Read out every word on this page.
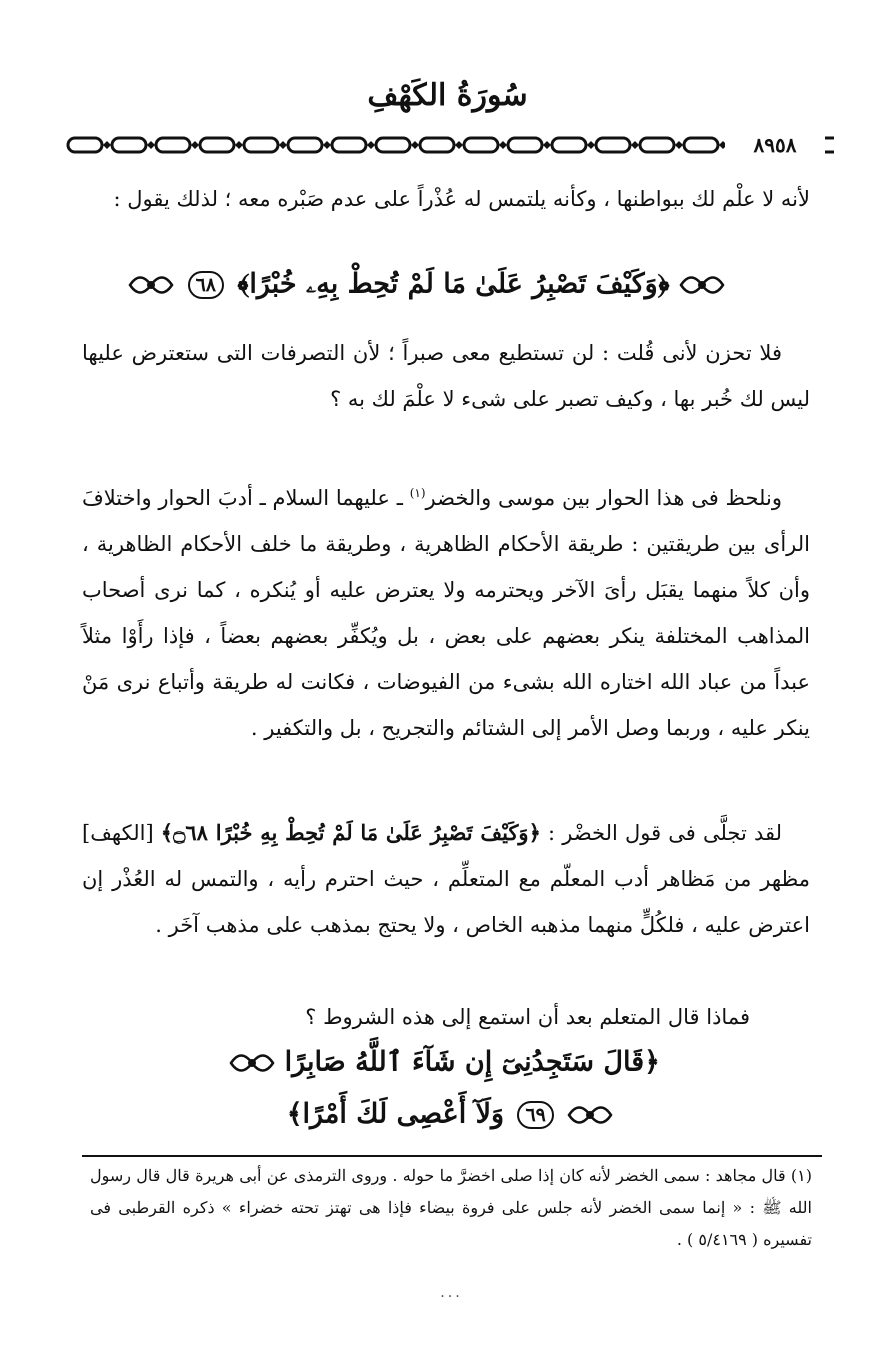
سُورَةُ الكَهْفِ
٨٩٥٨

لأنه لا علْم لك ببواطنها ، وكأنه يلتمس له عُذْراً على عدم صَبْره معه ؛ لذلك يقول :

﴿وَكَيْفَ تَصْبِرُ عَلَىٰ مَا لَمْ تُحِطْ بِهِۦ خُبْرًا﴾ ٦٨

فلا تحزن لأنى قُلت : لن تستطيع معى صبراً ؛ لأن التصرفات التى ستعترض عليها ليس لك خُبر بها ، وكيف تصبر على شىء لا علْمَ لك به ؟

ونلحظ فى هذا الحوار بين موسى والخضر$^{(١)}$ ـ عليهما السلام ـ أدبَ الحوار واختلافَ الرأى بين طريقتين : طريقة الأحكام الظاهرية ، وطريقة ما خلف الأحكام الظاهرية ، وأن كلاً منهما يقبَل رأىَ الآخر ويحترمه ولا يعترض عليه أو يُنكره ، كما نرى أصحاب المذاهب المختلفة ينكر بعضهم على بعض ، بل ويُكفِّر بعضهم بعضاً ، فإذا رأَوْا مثلاً عبداً من عباد الله اختاره الله بشىء من الفيوضات ، فكانت له طريقة وأتباع نرى مَنْ ينكر عليه ، وربما وصل الأمر إلى الشتائم والتجريح ، بل والتكفير .

لقد تجلَّى فى قول الخضْر : ﴿وَكَيْفَ تَصْبِرُ عَلَىٰ مَا لَمْ تُحِطْ بِهِ خُبْرًا ۝٦٨﴾ [الكهف] مظهر من مَظاهر أدب المعلّم مع المتعلِّم ، حيث احترم رأيه ، والتمس له العُذْر إن اعترض عليه ، فلكُلٍّ منهما مذهبه الخاص ، ولا يحتج بمذهب على مذهب آخَر .

فماذا قال المتعلم بعد أن استمع إلى هذه الشروط ؟

﴿قَالَ سَتَجِدُنِىٓ إِن شَآءَ ٱللَّهُ صَابِرًا
٦٩ وَلَآ أَعْصِى لَكَ أَمْرًا﴾
(١) قال مجاهد : سمى الخضر لأنه كان إذا صلى اخضرَّ ما حوله . وروى الترمذى عن أبى هريرة قال قال رسول الله ﷺ : « إنما سمى الخضر لأنه جلس على فروة بيضاء فإذا هى تهتز تحته خضراء » ذكره القرطبى فى تفسيره ( ٥/٤١٦٩ ) .
٠٠٠
